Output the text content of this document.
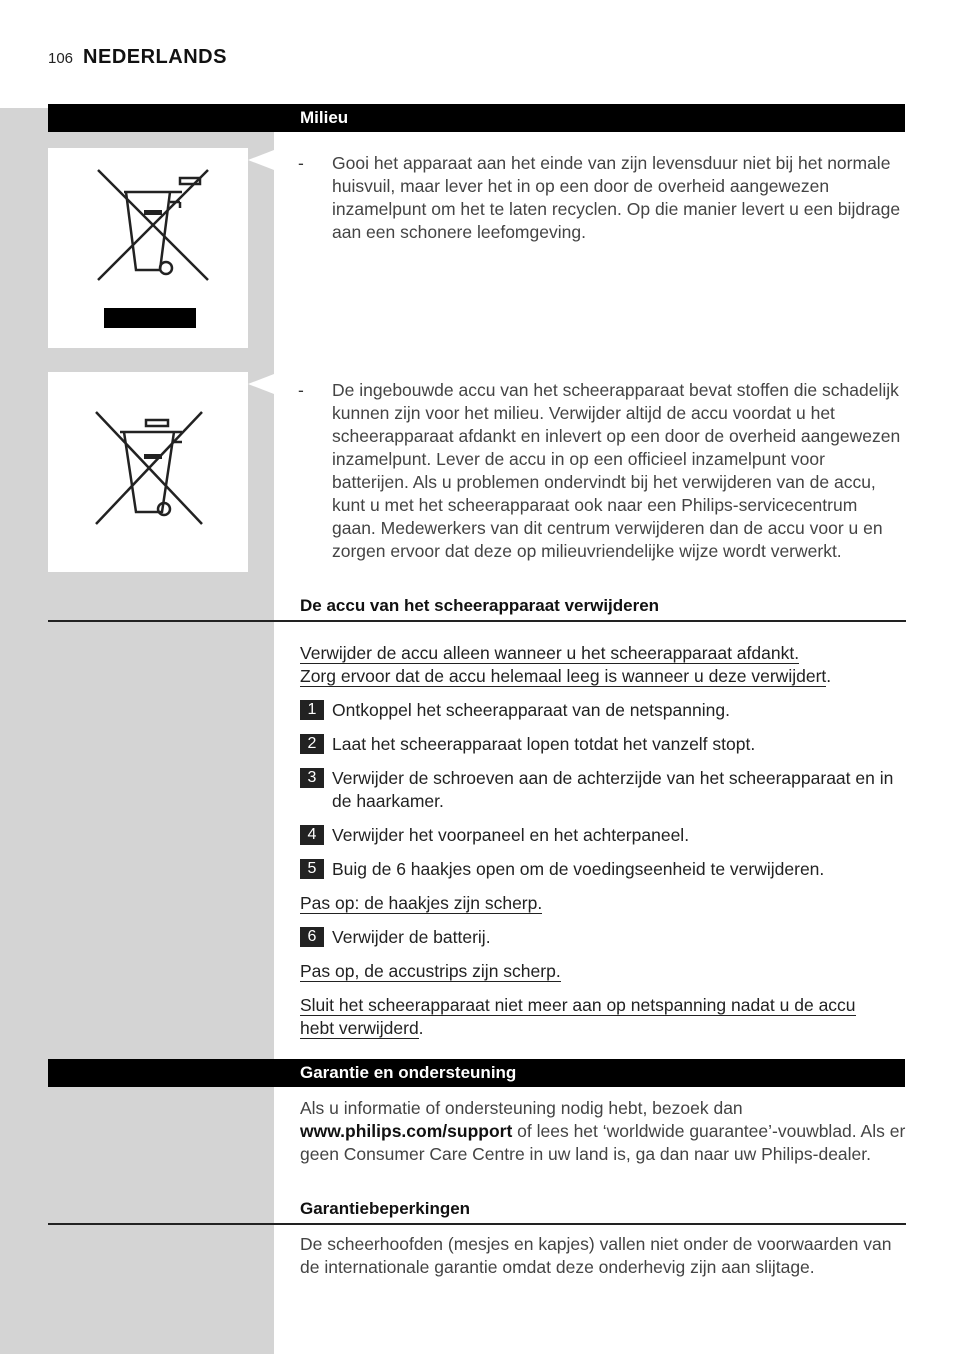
106 NEDERLANDS
Milieu
- Gooi het apparaat aan het einde van zijn levensduur niet bij het normale huisvuil, maar lever het in op een door de overheid aangewezen inzamelpunt om het te laten recyclen. Op die manier levert u een bijdrage aan een schonere leefomgeving.
- De ingebouwde accu van het scheerapparaat bevat stoffen die schadelijk kunnen zijn voor het milieu. Verwijder altijd de accu voordat u het scheerapparaat afdankt en inlevert op een door de overheid aangewezen inzamelpunt. Lever de accu in op een officieel inzamelpunt voor batterijen. Als u problemen ondervindt bij het verwijderen van de accu, kunt u met het scheerapparaat ook naar een Philips-servicecentrum gaan. Medewerkers van dit centrum verwijderen dan de accu voor u en zorgen ervoor dat deze op milieuvriendelijke wijze wordt verwerkt.
De accu van het scheerapparaat verwijderen
Verwijder de accu alleen wanneer u het scheerapparaat afdankt.
Zorg ervoor dat de accu helemaal leeg is wanneer u deze verwijdert.
1 Ontkoppel het scheerapparaat van de netspanning.
2 Laat het scheerapparaat lopen totdat het vanzelf stopt.
3 Verwijder de schroeven aan de achterzijde van het scheerapparaat en in de haarkamer.
4 Verwijder het voorpaneel en het achterpaneel.
5 Buig de 6 haakjes open om de voedingseenheid te verwijderen.
Pas op: de haakjes zijn scherp.
6 Verwijder de batterij.
Pas op, de accustrips zijn scherp.
Sluit het scheerapparaat niet meer aan op netspanning nadat u de accu
hebt verwijderd.
Garantie en ondersteuning
Als u informatie of ondersteuning nodig hebt, bezoek dan www.philips.com/support of lees het ‘worldwide guarantee’-vouwblad. Als er geen Consumer Care Centre in uw land is, ga dan naar uw Philips-dealer.
Garantiebeperkingen
De scheerhoofden (mesjes en kapjes) vallen niet onder de voorwaarden van de internationale garantie omdat deze onderhevig zijn aan slijtage.
